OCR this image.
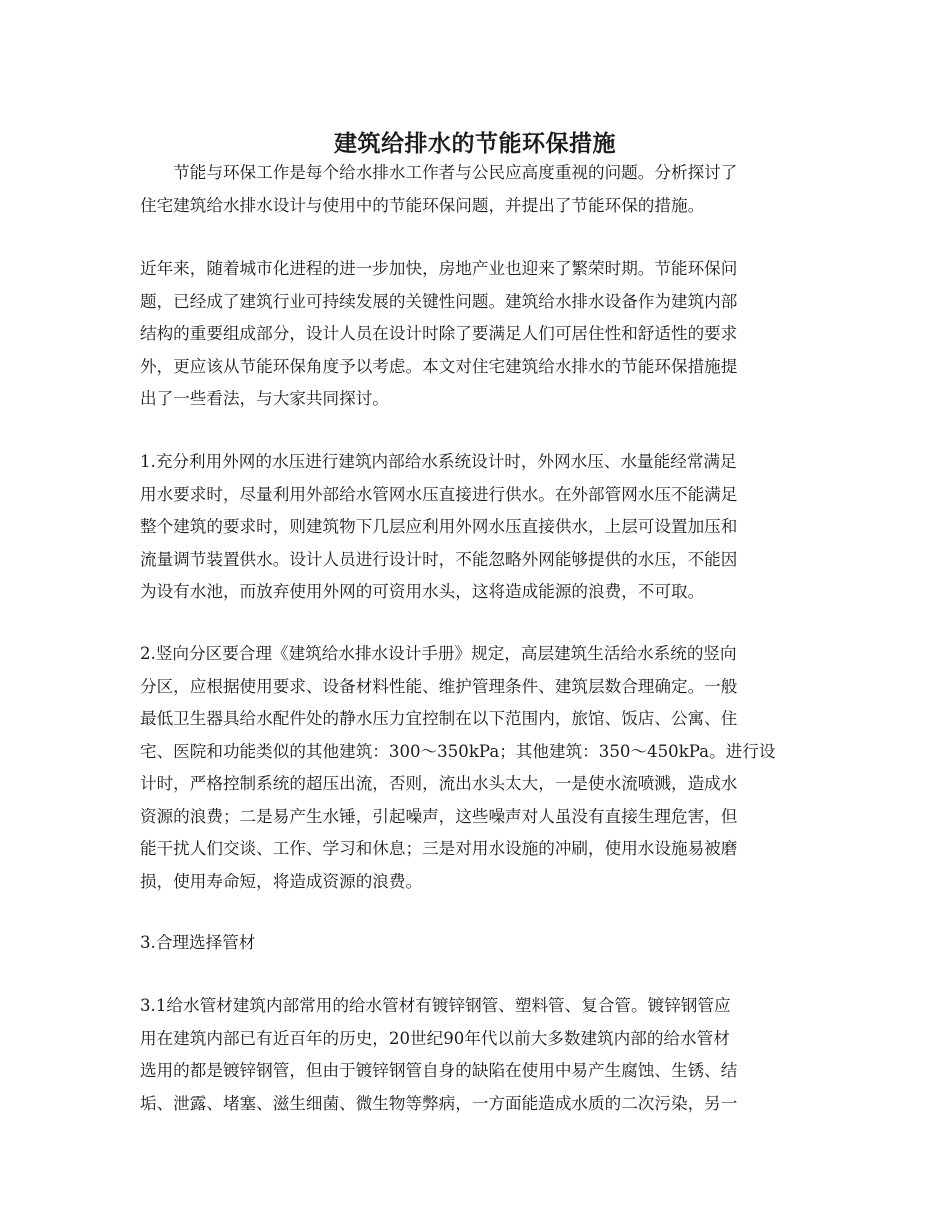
建筑给排水的节能环保措施

　　节能与环保工作是每个给水排水工作者与公民应高度重视的问题。分析探讨了
住宅建筑给水排水设计与使用中的节能环保问题，并提出了节能环保的措施。

近年来，随着城市化进程的进一步加快，房地产业也迎来了繁荣时期。节能环保问
题，已经成了建筑行业可持续发展的关键性问题。建筑给水排水设备作为建筑内部
结构的重要组成部分，设计人员在设计时除了要满足人们可居住性和舒适性的要求
外，更应该从节能环保角度予以考虑。本文对住宅建筑给水排水的节能环保措施提
出了一些看法，与大家共同探讨。

1.充分利用外网的水压进行建筑内部给水系统设计时，外网水压、水量能经常满足
用水要求时，尽量利用外部给水管网水压直接进行供水。在外部管网水压不能满足
整个建筑的要求时，则建筑物下几层应利用外网水压直接供水，上层可设置加压和
流量调节装置供水。设计人员进行设计时，不能忽略外网能够提供的水压，不能因
为设有水池，而放弃使用外网的可资用水头，这将造成能源的浪费，不可取。

2.竖向分区要合理《建筑给水排水设计手册》规定，高层建筑生活给水系统的竖向
分区，应根据使用要求、设备材料性能、维护管理条件、建筑层数合理确定。一般
最低卫生器具给水配件处的静水压力宜控制在以下范围内，旅馆、饭店、公寓、住
宅、医院和功能类似的其他建筑：300～350kPa；其他建筑：350～450kPa。进行设
计时，严格控制系统的超压出流，否则，流出水头太大，一是使水流喷溅，造成水
资源的浪费；二是易产生水锤，引起噪声，这些噪声对人虽没有直接生理危害，但
能干扰人们交谈、工作、学习和休息；三是对用水设施的冲刷，使用水设施易被磨
损，使用寿命短，将造成资源的浪费。

3.合理选择管材

3.1给水管材建筑内部常用的给水管材有镀锌钢管、塑料管、复合管。镀锌钢管应
用在建筑内部已有近百年的历史，20世纪90年代以前大多数建筑内部的给水管材
选用的都是镀锌钢管，但由于镀锌钢管自身的缺陷在使用中易产生腐蚀、生锈、结
垢、泄露、堵塞、滋生细菌、微生物等弊病，一方面能造成水质的二次污染，另一
